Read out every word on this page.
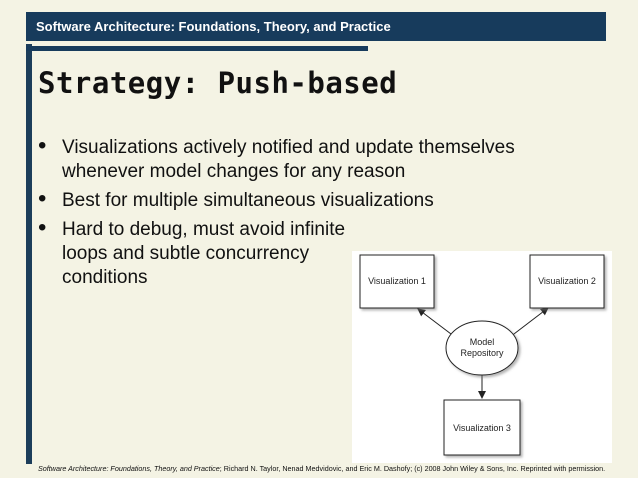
Software Architecture: Foundations, Theory, and Practice
Strategy: Push-based
• Visualizations actively notified and update themselves whenever model changes for any reason
• Best for multiple simultaneous visualizations
• Hard to debug, must avoid infinite loops and subtle concurrency conditions	Visualization 1	Visualization 2
Visualization 3
Model
Repository
Software Architecture: Foundations, Theory, and Practice; Richard N. Taylor, Nenad Medvidovic, and Eric M. Dashofy; (c) 2008 John Wiley & Sons, Inc. Reprinted with permission.
